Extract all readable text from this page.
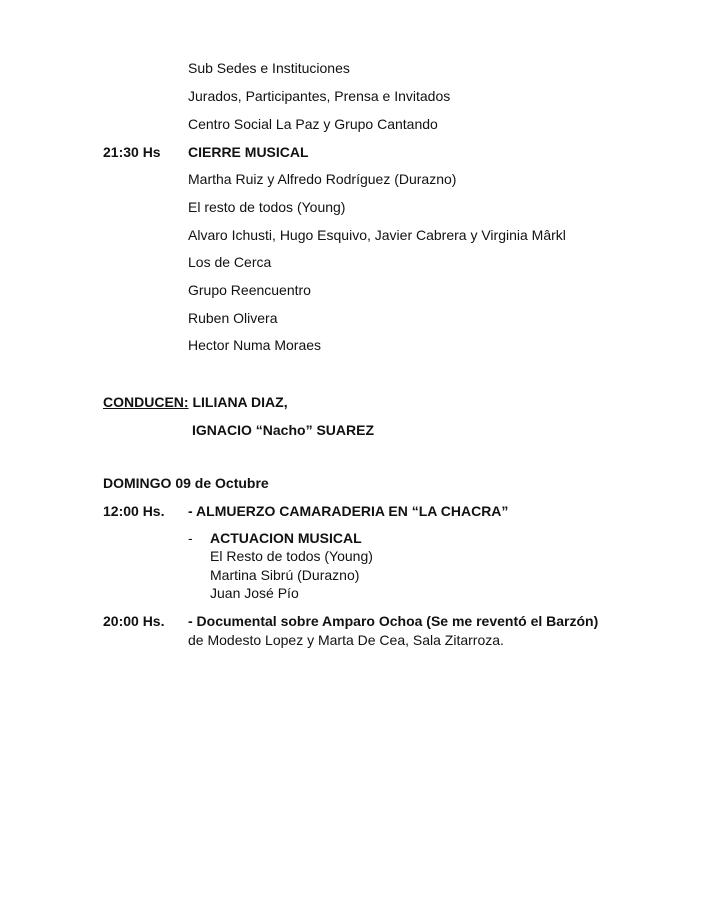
Sub Sedes e Instituciones
Jurados, Participantes, Prensa e Invitados
Centro Social La Paz y Grupo Cantando
21:30 Hs CIERRE MUSICAL
Martha Ruiz y Alfredo Rodríguez (Durazno)
El resto de todos (Young)
Alvaro Ichusti, Hugo Esquivo, Javier Cabrera y Virginia Mârkl
Los de Cerca
Grupo Reencuentro
Ruben Olivera
Hector Numa Moraes
CONDUCEN: LILIANA DIAZ,
IGNACIO “Nacho” SUAREZ
DOMINGO 09 de Octubre
12:00 Hs. - ALMUERZO CAMARADERIA EN “LA CHACRA”
- ACTUACION MUSICAL
El Resto de todos (Young)
Martina Sibrú (Durazno)
Juan José Pío
20:00 Hs. - Documental sobre Amparo Ochoa (Se me reventó el Barzón)
de Modesto Lopez y Marta De Cea, Sala Zitarroza.
